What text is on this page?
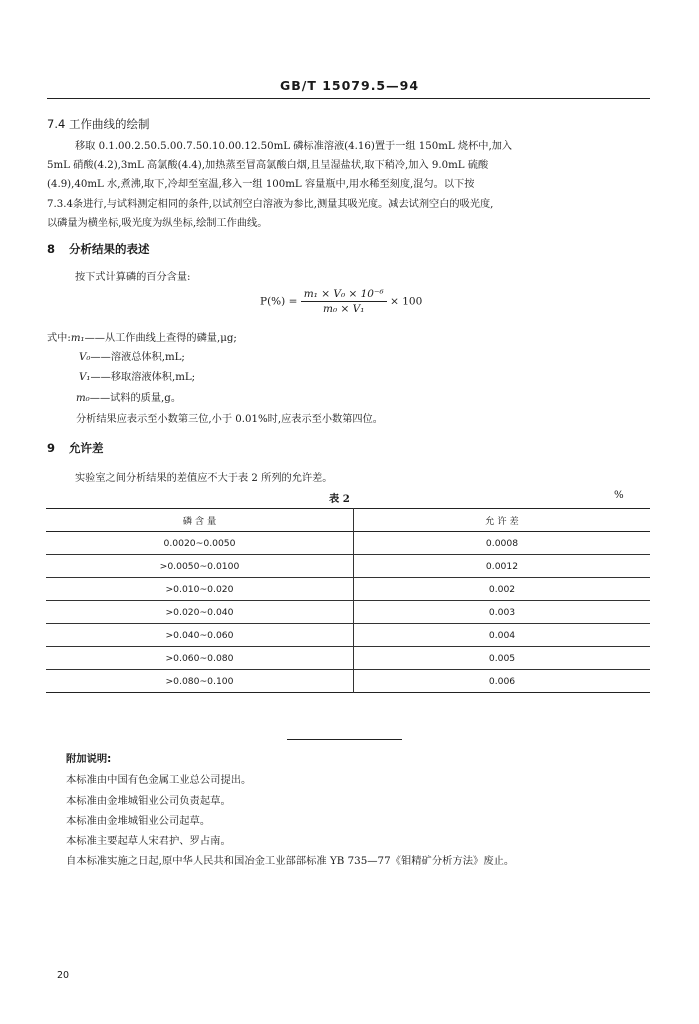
GB/T 15079.5—94
7.4 工作曲线的绘制
移取 0.1.00.2.50.5.00.7.50.10.00.12.50mL 磷标准溶液(4.16)置于一组 150mL 烧杯中,加入
5mL 硝酸(4.2),3mL 高氯酸(4.4),加热蒸至冒高氯酸白烟,且呈湿盐状,取下稍冷,加入 9.0mL 硫酸
(4.9),40mL 水,煮沸,取下,冷却至室温,移入一组 100mL 容量瓶中,用水稀至刻度,混匀。以下按
7.3.4条进行,与试料测定相同的条件,以试剂空白溶液为参比,测量其吸光度。减去试剂空白的吸光度,
以磷量为横坐标,吸光度为纵坐标,绘制工作曲线。
8 分析结果的表述
按下式计算磷的百分含量:
$P(\%) = \frac{\text{m₁ × V₀ × 10⁻⁶}}{\text{m₀ × V₁}} \times 100$
式中:m₁——从工作曲线上查得的磷量,μg;
V₀——溶液总体积,mL;
V₁——移取溶液体积,mL;
m₀——试料的质量,g。
分析结果应表示至小数第三位,小于 0.01%时,应表示至小数第四位。
9 允许差
实验室之间分析结果的差值应不大于表 2 所列的允许差。
表 2	%
磷 含 量	允 许 差
0.0020~0.0050	0.0008
>0.0050~0.0100	0.0012
>0.010~0.020	0.002
>0.020~0.040	0.003
>0.040~0.060	0.004
>0.060~0.080	0.005
>0.080~0.100	0.006
附加说明:
本标准由中国有色金属工业总公司提出。
本标准由金堆城钼业公司负责起草。
本标准由金堆城钼业公司起草。
本标准主要起草人宋君护、罗占南。
自本标准实施之日起,原中华人民共和国冶金工业部部标准 YB 735—77《钼精矿分析方法》废止。
20
